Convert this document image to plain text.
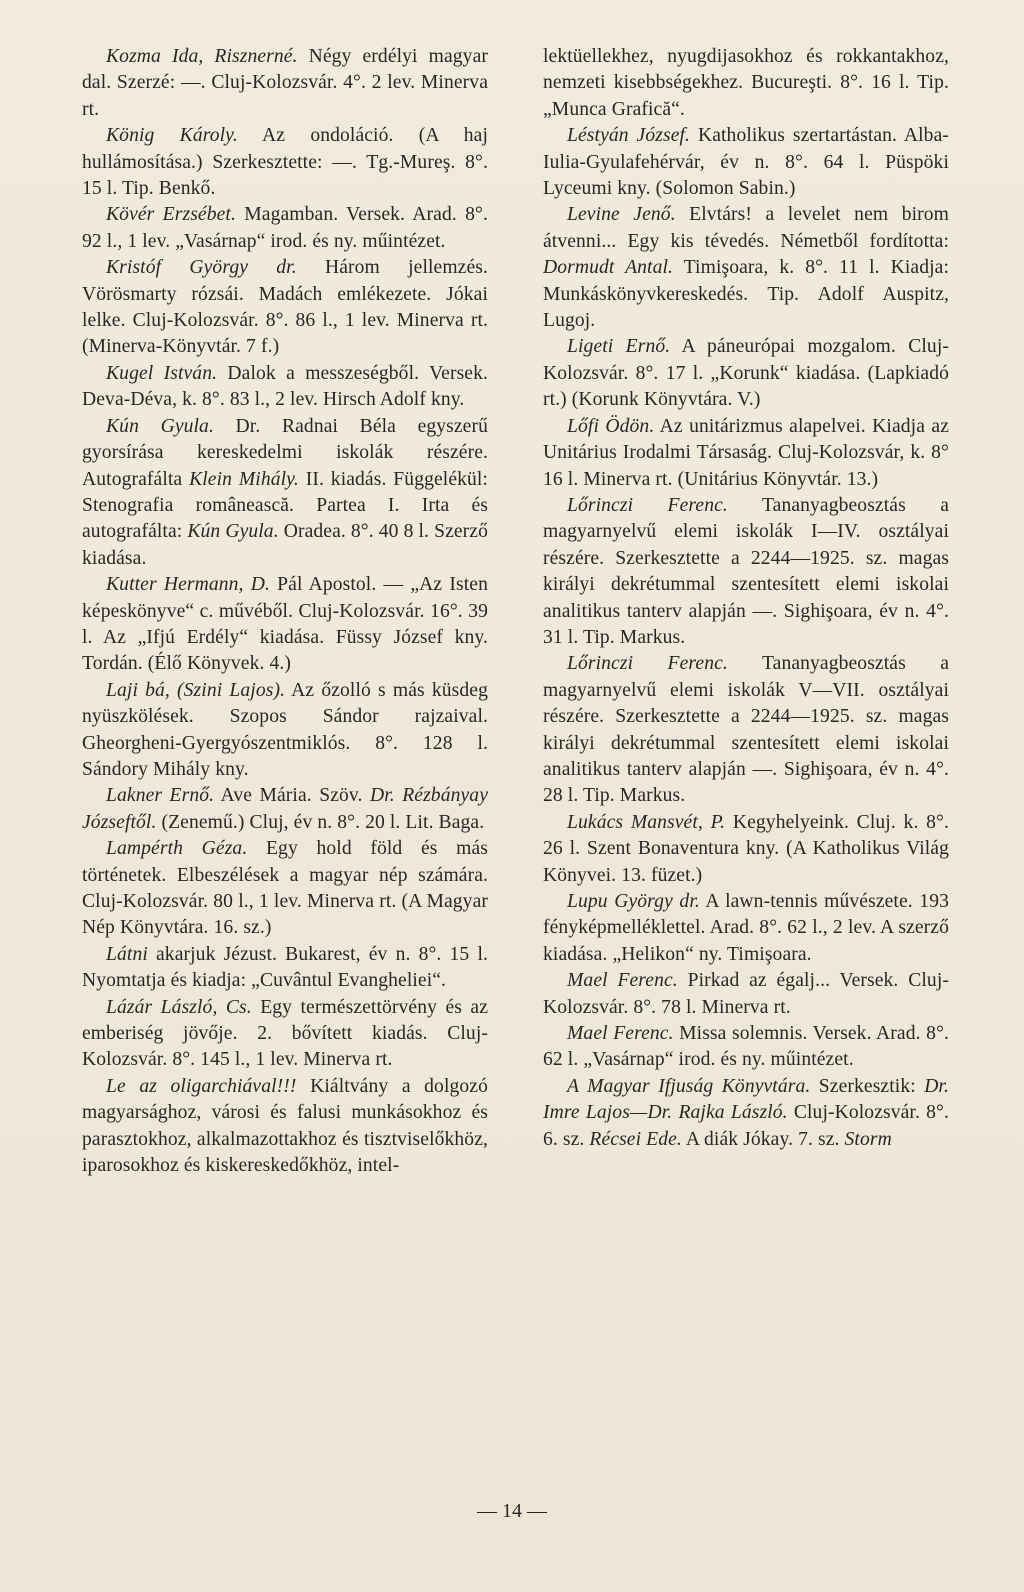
Kozma Ida, Risznerné. Négy erdélyi magyar dal. Szerzé: —. Cluj-Kolozsvár. 4°. 2 lev. Minerva rt.

König Károly. Az ondoláció. (A haj hullámosítása.) Szerkesztette: —. Tg.-Mureş. 8°. 15 l. Tip. Benkő.

Kövér Erzsébet. Magamban. Versek. Arad. 8°. 92 l., 1 lev. „Vasárnap“ irod. és ny. műintézet.

Kristóf György dr. Három jellemzés. Vörösmarty rózsái. Madách emlékezete. Jókai lelke. Cluj-Kolozsvár. 8°. 86 l., 1 lev. Minerva rt. (Minerva-Könyvtár. 7 f.)

Kugel István. Dalok a messzeségből. Versek. Deva-Déva, k. 8°. 83 l., 2 lev. Hirsch Adolf kny.

Kún Gyula. Dr. Radnai Béla egyszerű gyorsírása kereskedelmi iskolák részére. Autografálta Klein Mihály. II. kiadás. Függelékül: Stenografia românească. Partea I. Irta és autografálta: Kún Gyula. Oradea. 8°. 40 8 l. Szerző kiadása.

Kutter Hermann, D. Pál Apostol. — „Az Isten képeskönyve“ c. művéből. Cluj-Kolozsvár. 16°. 39 l. Az „Ifjú Erdély“ kiadása. Füssy József kny. Tordán. (Élő Könyvek. 4.)

Laji bá, (Szini Lajos). Az őzolló s más küsdeg nyüszkölések. Szopos Sándor rajzaival. Gheorgheni-Gyergyószentmiklós. 8°. 128 l. Sándory Mihály kny.

Lakner Ernő. Ave Mária. Szöv. Dr. Rézbányay Józseftől. (Zenemű.) Cluj, év n. 8°. 20 l. Lit. Baga.

Lampérth Géza. Egy hold föld és más történetek. Elbeszélések a magyar nép számára. Cluj-Kolozsvár. 80 l., 1 lev. Minerva rt. (A Magyar Nép Könyvtára. 16. sz.)

Látni akarjuk Jézust. Bukarest, év n. 8°. 15 l. Nyomtatja és kiadja: „Cuvântul Evangheliei“.

Lázár László, Cs. Egy természettörvény és az emberiség jövője. 2. bővített kiadás. Cluj-Kolozsvár. 8°. 145 l., 1 lev. Minerva rt.

Le az oligarchiával!!! Kiáltvány a dolgozó magyarsághoz, városi és falusi munkásokhoz és parasztokhoz, alkalmazottakhoz és tisztviselőkhöz, iparosokhoz és kiskereskedőkhöz, intel-

lektüellekhez, nyugdijasokhoz és rokkantakhoz, nemzeti kisebbségekhez. Bucureşti. 8°. 16 l. Tip. „Munca Grafică“.

Léstyán József. Katholikus szertartástan. Alba-Iulia-Gyulafehérvár, év n. 8°. 64 l. Püspöki Lyceumi kny. (Solomon Sabin.)

Levine Jenő. Elvtárs! a levelet nem birom átvenni... Egy kis tévedés. Németből fordította: Dormudt Antal. Timişoara, k. 8°. 11 l. Kiadja: Munkáskönyvkereskedés. Tip. Adolf Auspitz, Lugoj.

Ligeti Ernő. A páneurópai mozgalom. Cluj-Kolozsvár. 8°. 17 l. „Korunk“ kiadása. (Lapkiadó rt.) (Korunk Könyvtára. V.)

Lőfi Ödön. Az unitárizmus alapelvei. Kiadja az Unitárius Irodalmi Társaság. Cluj-Kolozsvár, k. 8° 16 l. Minerva rt. (Unitárius Könyvtár. 13.)

Lőrinczi Ferenc. Tananyagbeosztás a magyarnyelvű elemi iskolák I—IV. osztályai részére. Szerkesztette a 2244—1925. sz. magas királyi dekrétummal szentesített elemi iskolai analitikus tanterv alapján —. Sighişoara, év n. 4°. 31 l. Tip. Markus.

Lőrinczi Ferenc. Tananyagbeosztás a magyarnyelvű elemi iskolák V—VII. osztályai részére. Szerkesztette a 2244—1925. sz. magas királyi dekrétummal szentesített elemi iskolai analitikus tanterv alapján —. Sighişoara, év n. 4°. 28 l. Tip. Markus.

Lukács Mansvét, P. Kegyhelyeink. Cluj. k. 8°. 26 l. Szent Bonaventura kny. (A Katholikus Világ Könyvei. 13. füzet.)

Lupu György dr. A lawn-tennis művészete. 193 fényképmelléklettel. Arad. 8°. 62 l., 2 lev. A szerző kiadása. „Helikon“ ny. Timişoara.

Mael Ferenc. Pirkad az égalj... Versek. Cluj-Kolozsvár. 8°. 78 l. Minerva rt.

Mael Ferenc. Missa solemnis. Versek. Arad. 8°. 62 l. „Vasárnap“ irod. és ny. műintézet.

A Magyar Ifjuság Könyvtára. Szerkesztik: Dr. Imre Lajos—Dr. Rajka László. Cluj-Kolozsvár. 8°. 6. sz. Récsei Ede. A diák Jókay. 7. sz. Storm

— 14 —
